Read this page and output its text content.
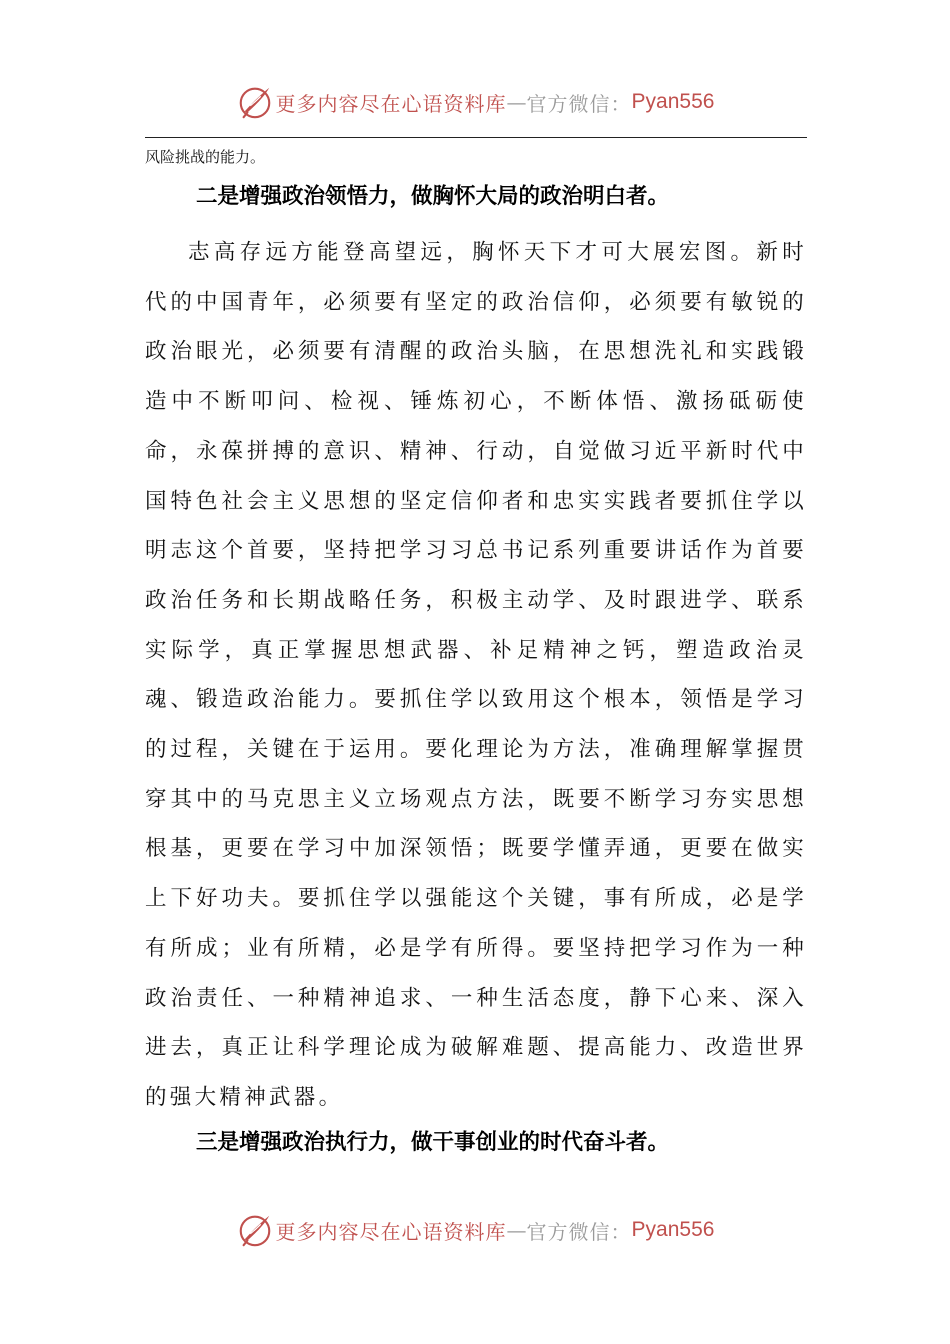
更多内容尽在心语资料库 — 官方微信： Pyan556
风险挑战的能力。
二是增强政治领悟力，做胸怀大局的政治明白者。

志高存远方能登高望远，胸怀天下才可大展宏图。新时代的中国青年，必须要有坚定的政治信仰，必须要有敏锐的政治眼光，必须要有清醒的政治头脑，在思想洗礼和实践锻造中不断叩问、检视、锤炼初心，不断体悟、激扬砥砺使命，永葆拼搏的意识、精神、行动，自觉做习近平新时代中国特色社会主义思想的坚定信仰者和忠实实践者要抓住学以明志这个首要，坚持把学习习总书记系列重要讲话作为首要政治任务和长期战略任务，积极主动学、及时跟进学、联系实际学，真正掌握思想武器、补足精神之钙，塑造政治灵魂、锻造政治能力。要抓住学以致用这个根本，领悟是学习的过程，关键在于运用。要化理论为方法，准确理解掌握贯穿其中的马克思主义立场观点方法，既要不断学习夯实思想根基，更要在学习中加深领悟；既要学懂弄通，更要在做实上下好功夫。要抓住学以强能这个关键，事有所成，必是学有所成；业有所精，必是学有所得。要坚持把学习作为一种政治责任、一种精神追求、一种生活态度，静下心来、深入进去，真正让科学理论成为破解难题、提高能力、改造世界的强大精神武器。

三是增强政治执行力，做干事创业的时代奋斗者。
更多内容尽在心语资料库 — 官方微信： Pyan556
